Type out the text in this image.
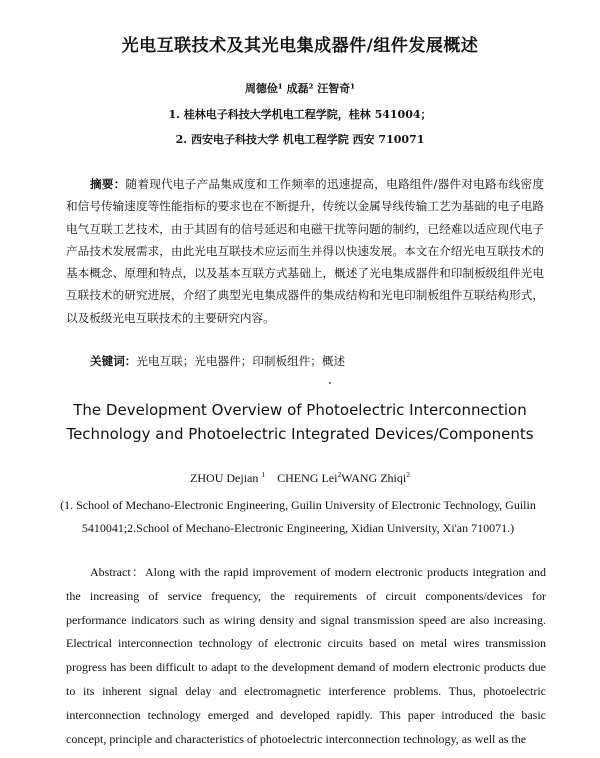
光电互联技术及其光电集成器件/组件发展概述
周德俭¹ 成磊² 汪智奇¹
1. 桂林电子科技大学机电工程学院，桂林 541004；
2. 西安电子科技大学 机电工程学院 西安 710071
摘要：随着现代电子产品集成度和工作频率的迅速提高，电路组件/器件对电路布线密度和信号传输速度等性能指标的要求也在不断提升，传统以金属导线传输工艺为基础的电子电路电气互联工艺技术，由于其固有的信号延迟和电磁干扰等问题的制约，已经难以适应现代电子产品技术发展需求，由此光电互联技术应运而生并得以快速发展。本文在介绍光电互联技术的基本概念、原理和特点，以及基本互联方式基础上，概述了光电集成器件和印制板级组件光电互联技术的研究进展，介绍了典型光电集成器件的集成结构和光电印制板组件互联结构形式，以及板级光电互联技术的主要研究内容。
关键词：光电互联；光电器件；印制板组件；概述
The Development Overview of Photoelectric Interconnection
Technology and Photoelectric Integrated Devices/Components
ZHOU Dejian $^1$ CHENG Lei$^2$WANG Zhiqi$^2$
(1. School of Mechano-Electronic Engineering, Guilin University of Electronic Technology, Guilin 5410041;2.School of Mechano-Electronic Engineering, Xidian University, Xi'an 710071.)
Abstract：Along with the rapid improvement of modern electronic products integration and the increasing of service frequency, the requirements of circuit components/devices for performance indicators such as wiring density and signal transmission speed are also increasing. Electrical interconnection technology of electronic circuits based on metal wires transmission progress has been difficult to adapt to the development demand of modern electronic products due to its inherent signal delay and electromagnetic interference problems. Thus, photoelectric interconnection technology emerged and developed rapidly. This paper introduced the basic concept, principle and characteristics of photoelectric interconnection technology, as well as the
